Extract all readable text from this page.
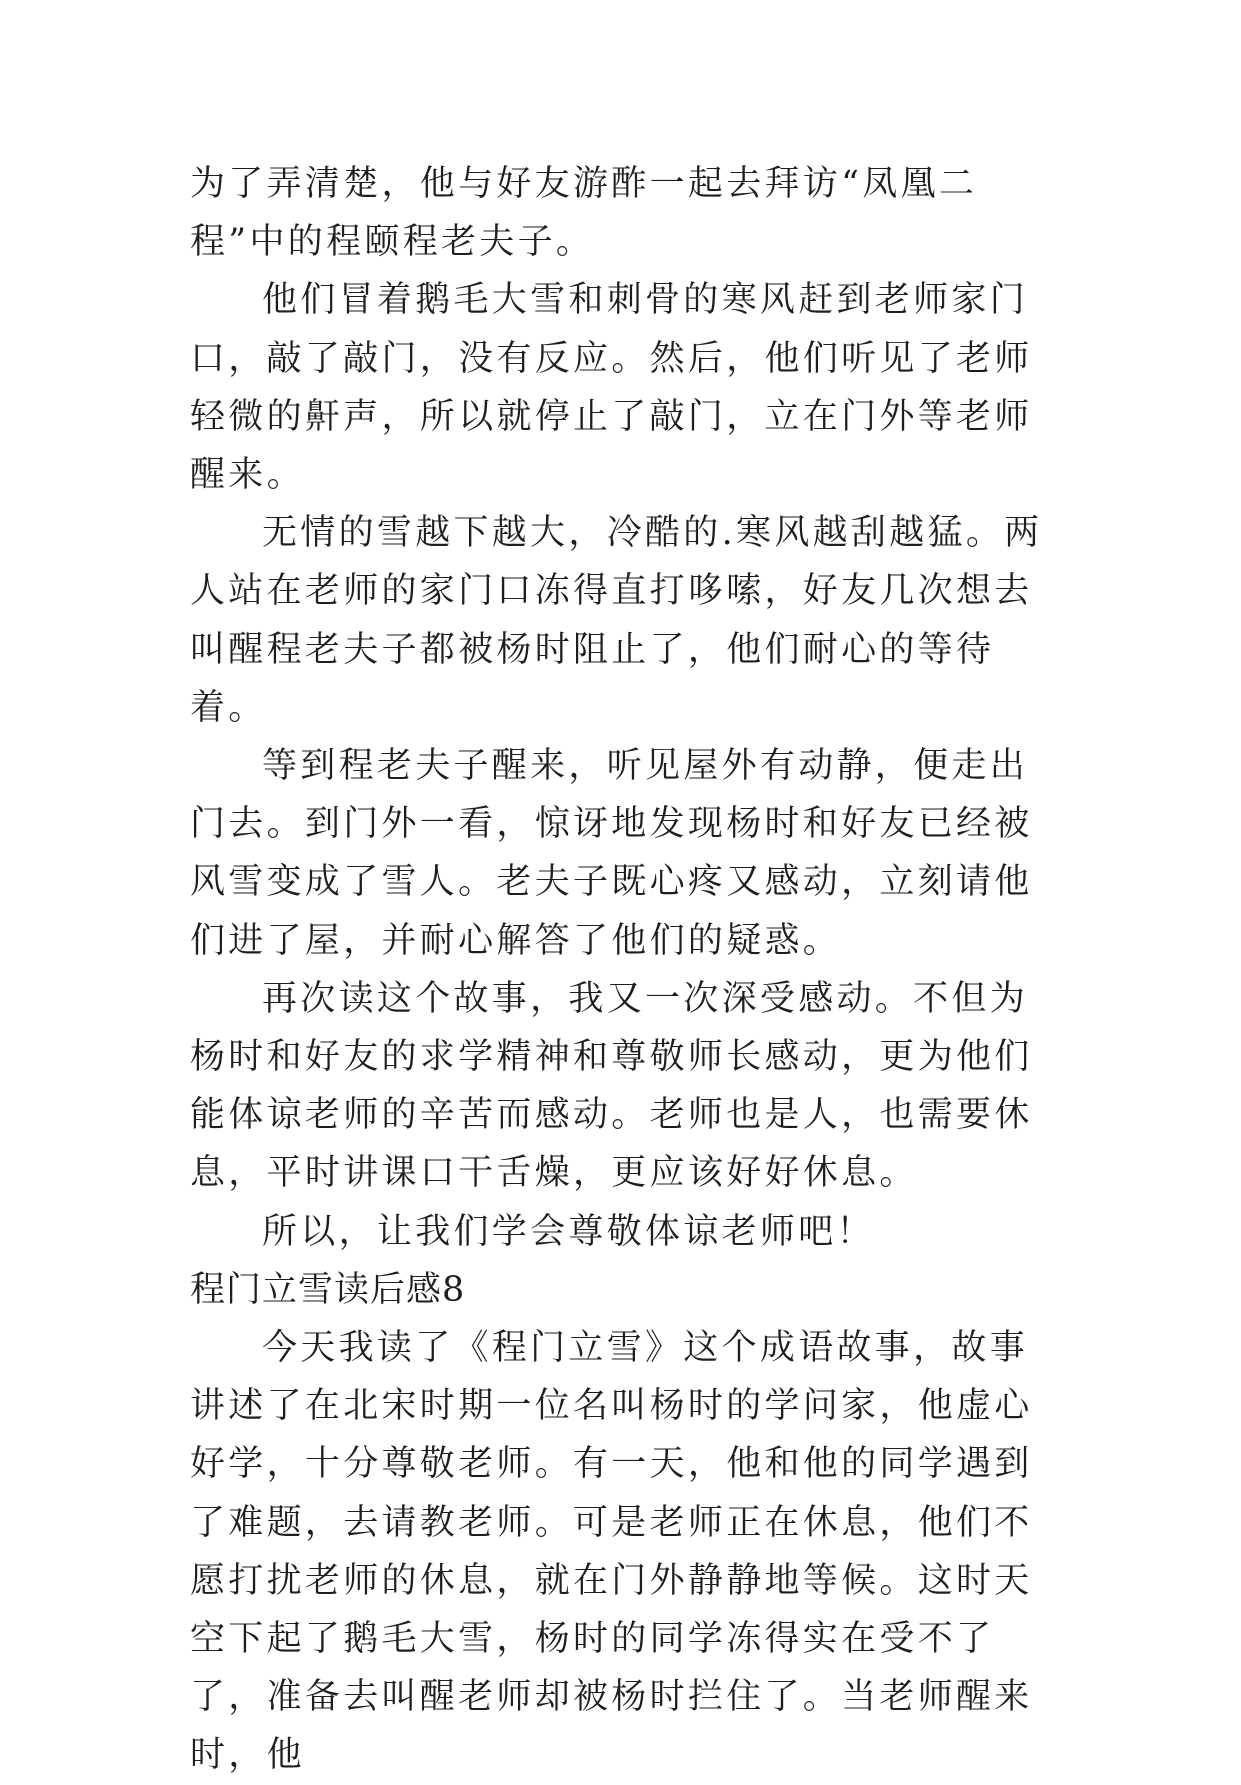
为了弄清楚，他与好友游酢一起去拜访“凤凰二程”中的程颐程老夫子。

他们冒着鹅毛大雪和刺骨的寒风赶到老师家门口，敲了敲门，没有反应。然后，他们听见了老师轻微的鼾声，所以就停止了敲门，立在门外等老师醒来。

无情的雪越下越大，冷酷的.寒风越刮越猛。两人站在老师的家门口冻得直打哆嗦，好友几次想去叫醒程老夫子都被杨时阻止了，他们耐心的等待着。

等到程老夫子醒来，听见屋外有动静，便走出门去。到门外一看，惊讶地发现杨时和好友已经被风雪变成了雪人。老夫子既心疼又感动，立刻请他们进了屋，并耐心解答了他们的疑惑。

再次读这个故事，我又一次深受感动。不但为杨时和好友的求学精神和尊敬师长感动，更为他们能体谅老师的辛苦而感动。老师也是人，也需要休息，平时讲课口干舌燥，更应该好好休息。

所以，让我们学会尊敬体谅老师吧！

程门立雪读后感8

今天我读了《程门立雪》这个成语故事，故事讲述了在北宋时期一位名叫杨时的学问家，他虚心好学，十分尊敬老师。有一天，他和他的同学遇到了难题，去请教老师。可是老师正在休息，他们不愿打扰老师的休息，就在门外静静地等候。这时天空下起了鹅毛大雪，杨时的同学冻得实在受不了了，准备去叫醒老师却被杨时拦住了。当老师醒来时，他
